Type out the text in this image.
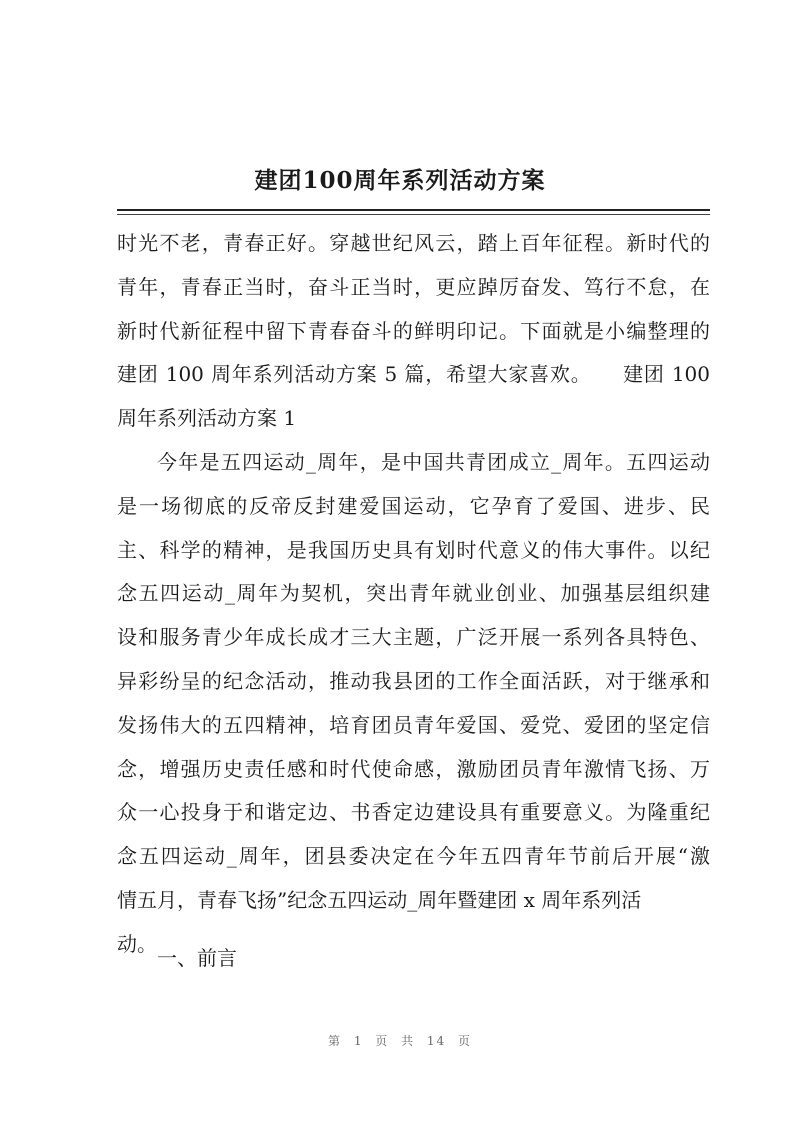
建团100周年系列活动方案
时光不老，青春正好。穿越世纪风云，踏上百年征程。新时代的
青年，青春正当时，奋斗正当时，更应踔厉奋发、笃行不怠，在
新时代新征程中留下青春奋斗的鲜明印记。下面就是小编整理的
建团 100 周年系列活动方案 5 篇，希望大家喜欢。　　建团 100
周年系列活动方案 1
今年是五四运动_周年，是中国共青团成立_周年。五四运动
是一场彻底的反帝反封建爱国运动，它孕育了爱国、进步、民
主、科学的精神，是我国历史具有划时代意义的伟大事件。以纪
念五四运动_周年为契机，突出青年就业创业、加强基层组织建
设和服务青少年成长成才三大主题，广泛开展一系列各具特色、
异彩纷呈的纪念活动，推动我县团的工作全面活跃，对于继承和
发扬伟大的五四精神，培育团员青年爱国、爱党、爱团的坚定信
念，增强历史责任感和时代使命感，激励团员青年激情飞扬、万
众一心投身于和谐定边、书香定边建设具有重要意义。为隆重纪
念五四运动_周年，团县委决定在今年五四青年节前后开展“激
情五月，青春飞扬”纪念五四运动_周年暨建团 x 周年系列活
动。
一、前言
第 1 页 共 14 页
